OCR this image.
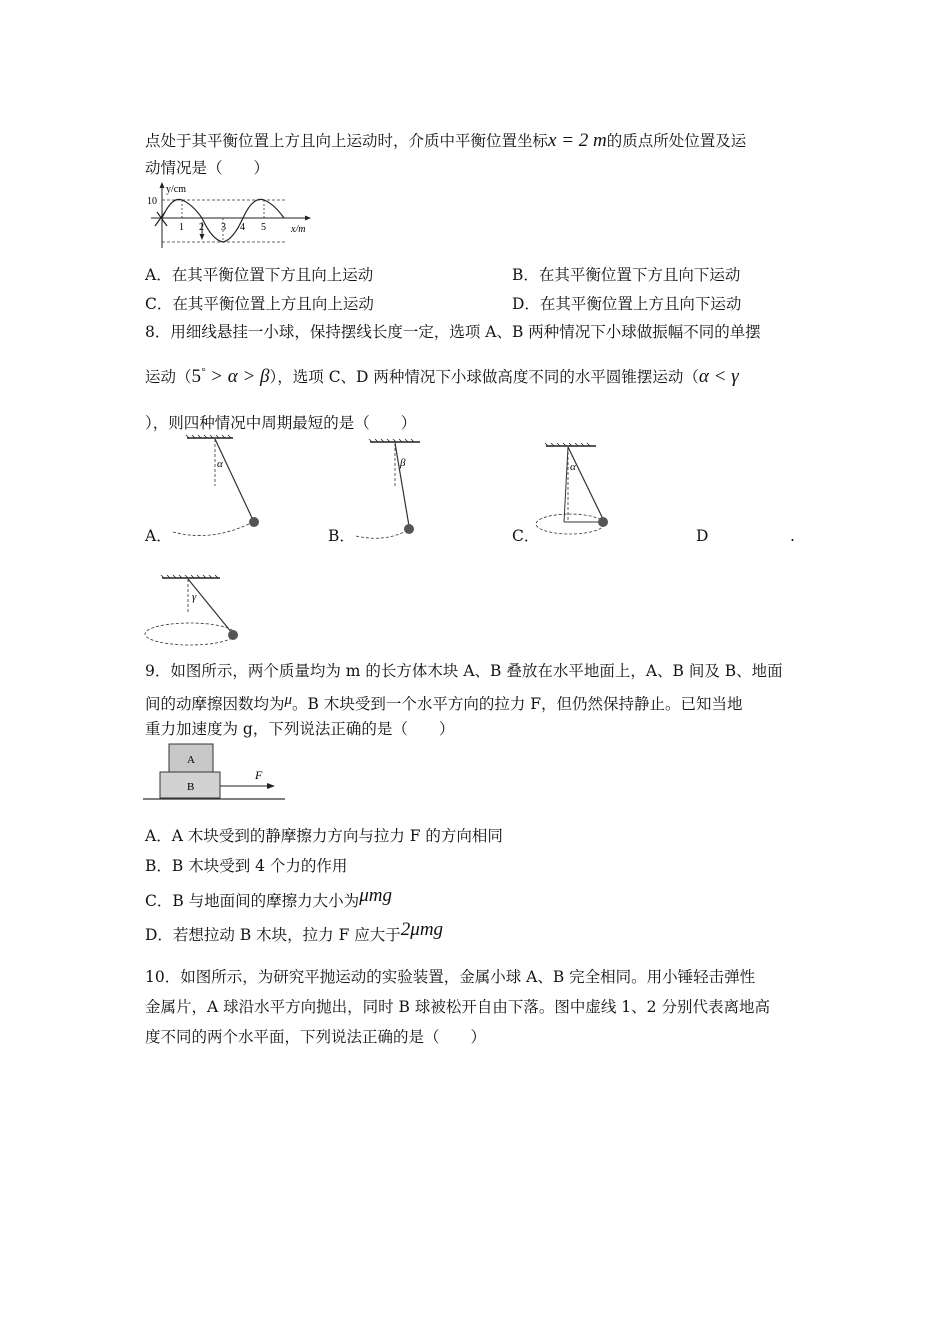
点处于其平衡位置上方且向上运动时，介质中平衡位置坐标x = 2 m的质点所处位置及运
动情况是（　　）
y/cm
10
1 2 3 4 5	x/m
A．在其平衡位置下方且向上运动	B．在其平衡位置下方且向下运动
C．在其平衡位置上方且向上运动	D．在其平衡位置上方且向下运动
8．用细线悬挂一小球，保持摆线长度一定，选项 A、B 两种情况下小球做振幅不同的单摆
运动（5° > α > β），选项 C、D 两种情况下小球做高度不同的水平圆锥摆运动（α < γ
），则四种情况中周期最短的是（　　）
α
A．
β
B．
α
C．	D	.
γ
9．如图所示，两个质量均为 m 的长方体木块 A、B 叠放在水平地面上，A、B 间及 B、地面
间的动摩擦因数均为μ。B 木块受到一个水平方向的拉力 F，但仍然保持静止。已知当地
重力加速度为 g，下列说法正确的是（　　）
A
B
F
A．A 木块受到的静摩擦力方向与拉力 F 的方向相同
B．B 木块受到 4 个力的作用
C．B 与地面间的摩擦力大小为μmg
D．若想拉动 B 木块，拉力 F 应大于2μmg
10．如图所示，为研究平抛运动的实验装置，金属小球 A、B 完全相同。用小锤轻击弹性
金属片，A 球沿水平方向抛出，同时 B 球被松开自由下落。图中虚线 1、2 分别代表离地高
度不同的两个水平面，下列说法正确的是（　　）
